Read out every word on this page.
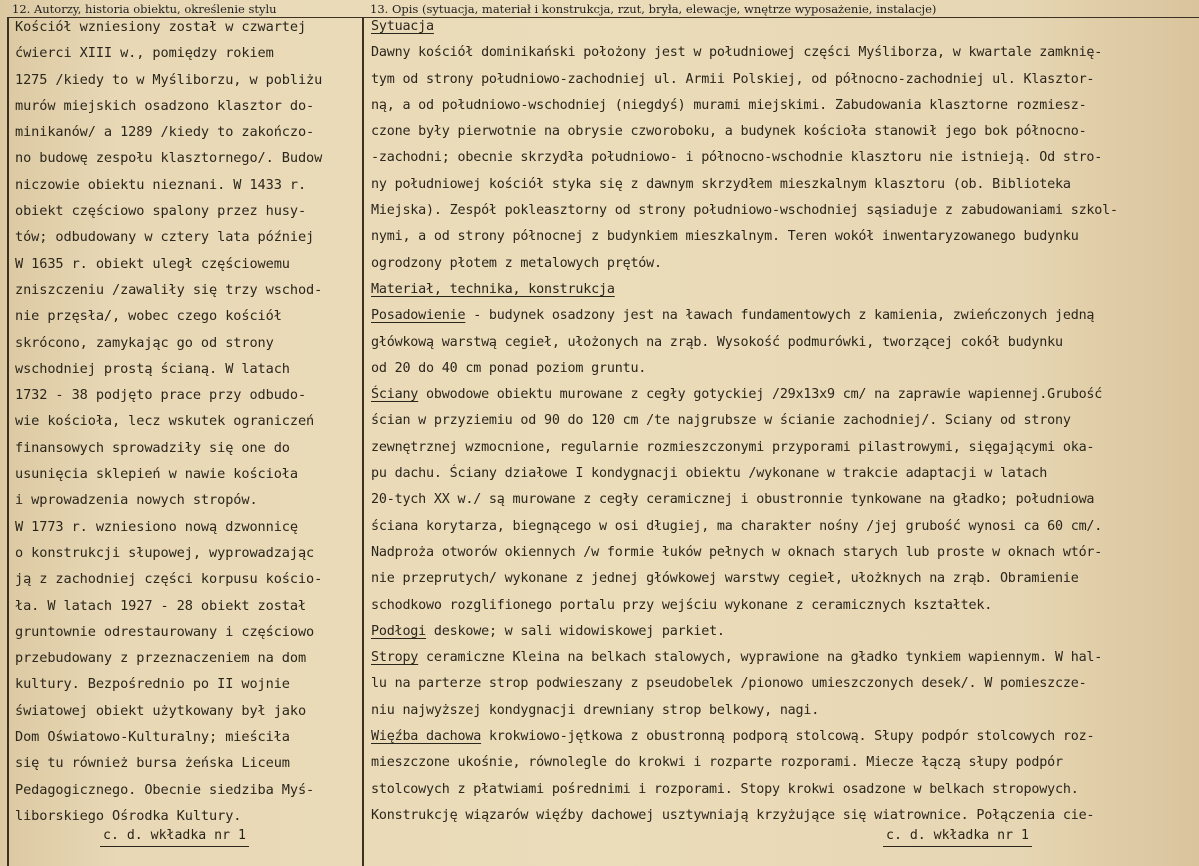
12. Autorzy, historia obiektu, określenie stylu	13. Opis (sytuacja, materiał i konstrukcja, rzut, bryła, elewacje, wnętrze wyposażenie, instalacje)
Kościół wzniesiony został w czwartej
ćwierci XIII w., pomiędzy rokiem
1275 /kiedy to w Myśliborzu, w pobliżu
murów miejskich osadzono klasztor do-
minikanów/ a 1289 /kiedy to zakończo-
no budowę zespołu klasztornego/. Budow
niczowie obiektu nieznani. W 1433 r.
obiekt częściowo spalony przez husy-
tów; odbudowany w cztery lata później
W 1635 r. obiekt uległ częściowemu
zniszczeniu /zawaliły się trzy wschod-
nie przęsła/, wobec czego kościół
skrócono, zamykając go od strony
wschodniej prostą ścianą. W latach
1732 - 38 podjęto prace przy odbudo-
wie kościoła, lecz wskutek ograniczeń
finansowych sprowadziły się one do
usunięcia sklepień w nawie kościoła
i wprowadzenia nowych stropów.
W 1773 r. wzniesiono nową dzwonnicę
o konstrukcji słupowej, wyprowadzając
ją z zachodniej części korpusu kościo-
ła. W latach 1927 - 28 obiekt został
gruntownie odrestaurowany i częściowo
przebudowany z przeznaczeniem na dom
kultury. Bezpośrednio po II wojnie
światowej obiekt użytkowany był jako
Dom Oświatowo-Kulturalny; mieściła
się tu również bursa żeńska Liceum
Pedagogicznego. Obecnie siedziba Myś-
liborskiego Ośrodka Kultury.
Sytuacja
Dawny kościół dominikański położony jest w południowej części Myśliborza, w kwartale zamknię-
tym od strony południowo-zachodniej ul. Armii Polskiej, od północno-zachodniej ul. Klasztor-
ną, a od południowo-wschodniej (niegdyś) murami miejskimi. Zabudowania klasztorne rozmiesz-
czone były pierwotnie na obrysie czworoboku, a budynek kościoła stanowił jego bok północno-
-zachodni; obecnie skrzydła południowo- i północno-wschodnie klasztoru nie istnieją. Od stro-
ny południowej kościół styka się z dawnym skrzydłem mieszkalnym klasztoru (ob. Biblioteka
Miejska). Zespół pokleasztorny od strony południowo-wschodniej sąsiaduje z zabudowaniami szkol-
nymi, a od strony północnej z budynkiem mieszkalnym. Teren wokół inwentaryzowanego budynku
ogrodzony płotem z metalowych prętów.
Materiał, technika, konstrukcja
Posadowienie - budynek osadzony jest na ławach fundamentowych z kamienia, zwieńczonych jedną
główkową warstwą cegieł, ułożonych na zrąb. Wysokość podmurówki, tworzącej cokół budynku
od 20 do 40 cm ponad poziom gruntu.
Ściany obwodowe obiektu murowane z cegły gotyckiej /29x13x9 cm/ na zaprawie wapiennej.Grubość
ścian w przyziemiu od 90 do 120 cm /te najgrubsze w ścianie zachodniej/. Sciany od strony
zewnętrznej wzmocnione, regularnie rozmieszczonymi przyporami pilastrowymi, sięgającymi oka-
pu dachu. Ściany działowe I kondygnacji obiektu /wykonane w trakcie adaptacji w latach
20-tych XX w./ są murowane z cegły ceramicznej i obustronnie tynkowane na gładko; południowa
ściana korytarza, biegnącego w osi długiej, ma charakter nośny /jej grubość wynosi ca 60 cm/.
Nadproża otworów okiennych /w formie łuków pełnych w oknach starych lub proste w oknach wtór-
nie przeprutych/ wykonane z jednej główkowej warstwy cegieł, ułożknych na zrąb. Obramienie
schodkowo rozglifionego portalu przy wejściu wykonane z ceramicznych kształtek.
Podłogi deskowe; w sali widowiskowej parkiet.
Stropy ceramiczne Kleina na belkach stalowych, wyprawione na gładko tynkiem wapiennym. W hal-
lu na parterze strop podwieszany z pseudobelek /pionowo umieszczonych desek/. W pomieszcze-
niu najwyższej kondygnacji drewniany strop belkowy, nagi.
Więźba dachowa krokwiowo-jętkowa z obustronną podporą stolcową. Słupy podpór stolcowych roz-
mieszczone ukośnie, równolegle do krokwi i rozparte rozporami. Miecze łączą słupy podpór
stolcowych z płatwiami pośrednimi i rozporami. Stopy krokwi osadzone w belkach stropowych.
Konstrukcję wiązarów więźby dachowej usztywniają krzyżujące się wiatrownice. Połączenia cie-
c. d. wkładka nr 1	c. d. wkładka nr 1
